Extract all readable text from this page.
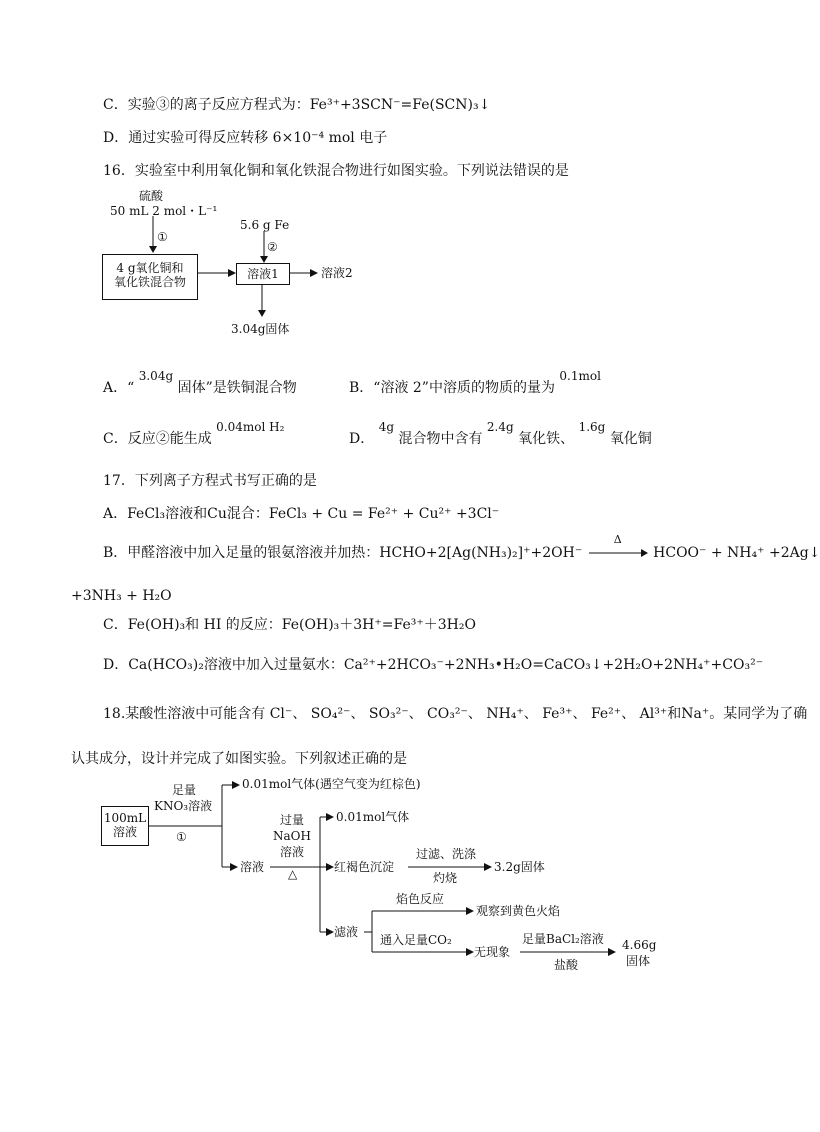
C．实验③的离子反应方程式为：Fe³⁺+3SCN⁻=Fe(SCN)₃↓
D．通过实验可得反应转移 6×10⁻⁴ mol 电子
16．实验室中利用氧化铜和氧化铁混合物进行如图实验。下列说法错误的是
硫酸
50 mL 2 mol・L⁻¹
①
5.6 g Fe
②
4 g氧化铜和
氧化铁混合物
溶液1	溶液2
3.04g固体
A．“ 3.04g 固体”是铁铜混合物	B．“溶液 2”中溶质的物质的量为 0.1mol
C．反应②能生成 0.04mol H₂
D． 4g 混合物中含有 2.4g 氧化铁、 1.6g 氧化铜
17．下列离子方程式书写正确的是
A．FeCl₃溶液和Cu混合：FeCl₃ + Cu = Fe²⁺ + Cu²⁺ +3Cl⁻
B．甲醛溶液中加入足量的银氨溶液并加热：HCHO+2[Ag(NH₃)₂]⁺+2OH⁻
Δ
HCOO⁻ + NH₄⁺ +2Ag↓
+3NH₃ + H₂O
C．Fe(OH)₃和 HI 的反应：Fe(OH)₃＋3H⁺=Fe³⁺＋3H₂O
D．Ca(HCO₃)₂溶液中加入过量氨水：Ca²⁺+2HCO₃⁻+2NH₃•H₂O=CaCO₃↓+2H₂O+2NH₄⁺+CO₃²⁻
18.某酸性溶液中可能含有 Cl⁻、 SO₄²⁻、 SO₃²⁻、 CO₃²⁻、 NH₄⁺、 Fe³⁺、 Fe²⁺、 Al³⁺和Na⁺。某同学为了确
认其成分，设计并完成了如图实验。下列叙述正确的是
100mL
溶液
足量
KNO₃溶液
①
0.01mol气体(遇空气变为红棕色)
溶液
过量
NaOH
溶液
△
0.01mol气体
红褐色沉淀
过滤、洗涤
灼烧
3.2g固体
滤液
焰色反应
观察到黄色火焰
通入足量CO₂
无现象
足量BaCl₂溶液
盐酸
4.66g
固体
